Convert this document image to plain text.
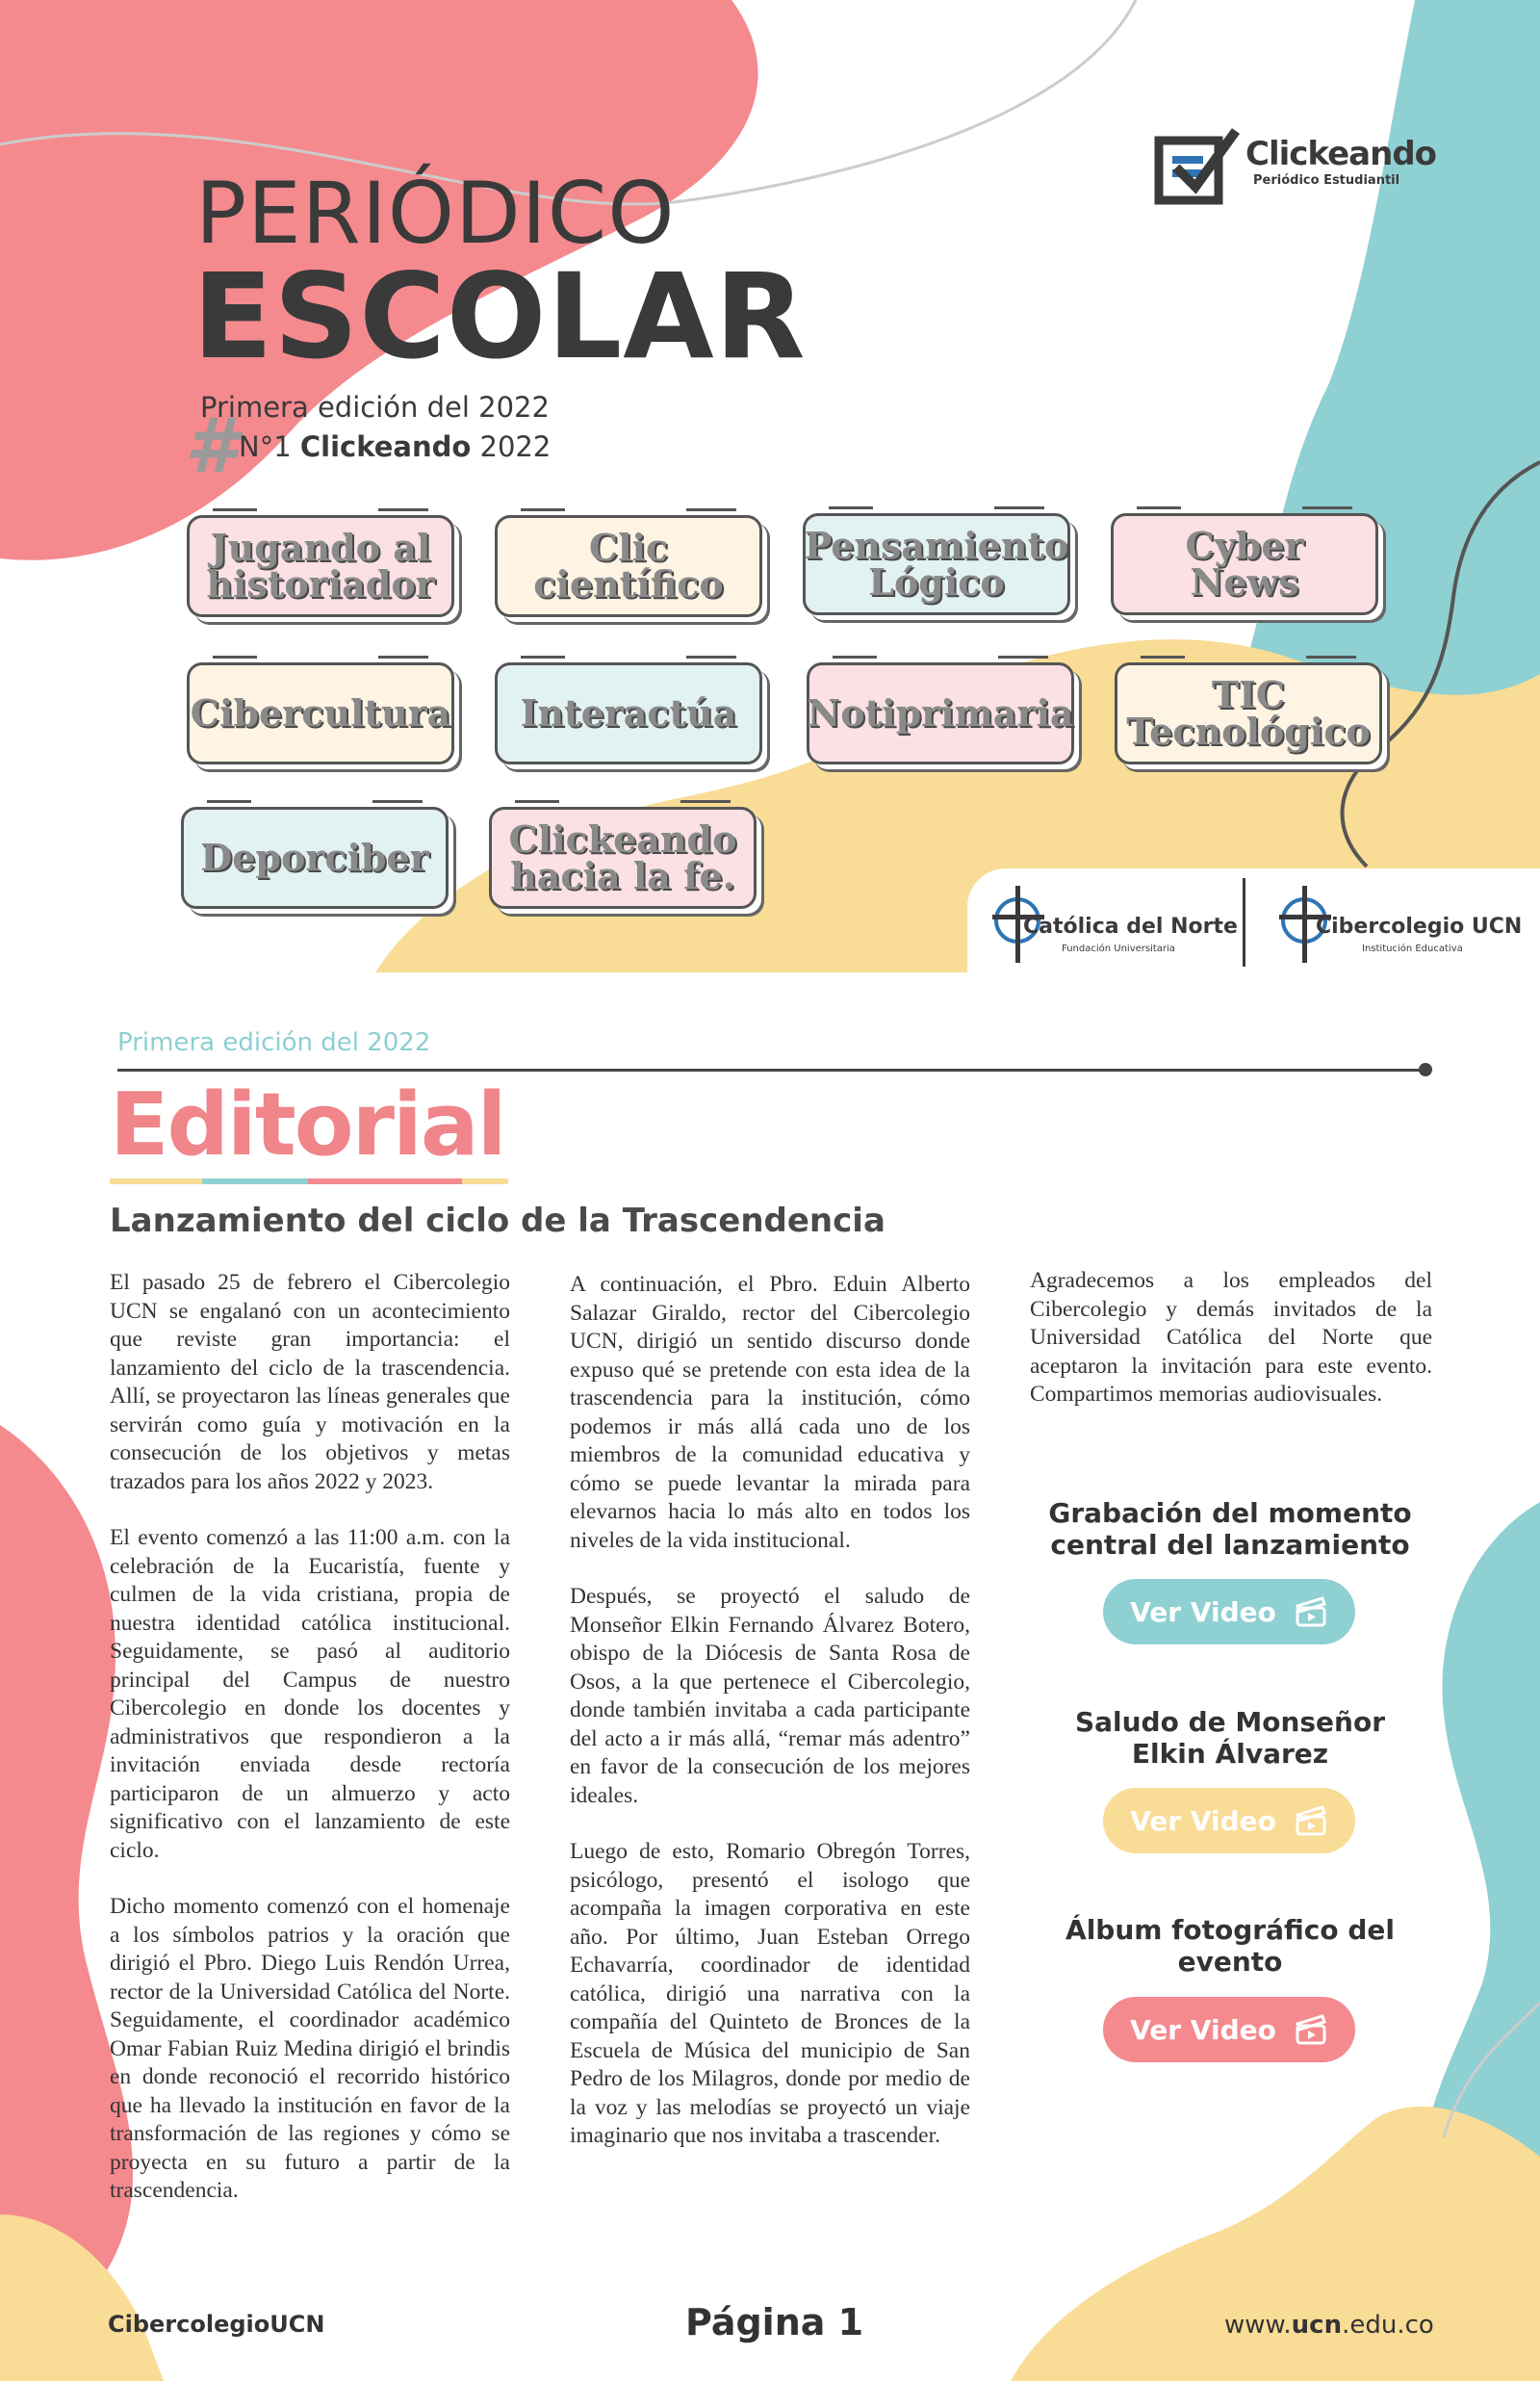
PERIÓDICO
ESCOLAR
Primera edición del 2022
# N°1 Clickeando 2022
Clickeando
Periódico Estudiantil
Jugando al
historiador
Clic
científico
Pensamiento
Lógico
Cyber
News
Cibercultura Interactúa Notiprimaria	TIC
Tecnológico
Deporciber Clickeando
hacia la fe.
Católica del Norte
Fundación Universitaria
Cibercolegio UCN
Institución Educativa
Primera edición del 2022
Editorial
Lanzamiento del ciclo de la Trascendencia

El pasado 25 de febrero el Cibercolegio UCN se engalanó con un acontecimiento que reviste gran importancia: el lanzamiento del ciclo de la trascendencia. Allí, se proyectaron las líneas generales que servirán como guía y motivación en la consecución de los objetivos y metas trazados para los años 2022 y 2023.

El evento comenzó a las 11:00 a.m. con la celebración de la Eucaristía, fuente y culmen de la vida cristiana, propia de nuestra identidad católica institucional. Seguidamente, se pasó al auditorio principal del Campus de nuestro Cibercolegio en donde los docentes y administrativos que respondieron a la invitación enviada desde rectoría participaron de un almuerzo y acto significativo con el lanzamiento de este ciclo.

Dicho momento comenzó con el homenaje a los símbolos patrios y la oración que dirigió el Pbro. Diego Luis Rendón Urrea, rector de la Universidad Católica del Norte. Seguidamente, el coordinador académico Omar Fabian Ruiz Medina dirigió el brindis en donde reconoció el recorrido histórico que ha llevado la institución en favor de la transformación de las regiones y cómo se proyecta en su futuro a partir de la trascendencia.

A continuación, el Pbro. Eduin Alberto Salazar Giraldo, rector del Cibercolegio UCN, dirigió un sentido discurso donde expuso qué se pretende con esta idea de la trascendencia para la institución, cómo podemos ir más allá cada uno de los miembros de la comunidad educativa y cómo se puede levantar la mirada para elevarnos hacia lo más alto en todos los niveles de la vida institucional.

Después, se proyectó el saludo de Monseñor Elkin Fernando Álvarez Botero, obispo de la Diócesis de Santa Rosa de Osos, a la que pertenece el Cibercolegio, donde también invitaba a cada participante del acto a ir más allá, “remar más adentro” en favor de la consecución de los mejores ideales.

Luego de esto, Romario Obregón Torres, psicólogo, presentó el isologo que acompaña la imagen corporativa en este año. Por último, Juan Esteban Orrego Echavarría, coordinador de identidad católica, dirigió una narrativa con la compañía del Quinteto de Bronces de la Escuela de Música del municipio de San Pedro de los Milagros, donde por medio de la voz y las melodías se proyectó un viaje imaginario que nos invitaba a trascender.

Agradecemos a los empleados del Cibercolegio y demás invitados de la Universidad Católica del Norte que aceptaron la invitación para este evento. Compartimos memorias audiovisuales.

Grabación del momento
central del lanzamiento
Ver Video
Saludo de Monseñor
Elkin Álvarez
Ver Video
Álbum fotográfico del
evento
Ver Video
CibercolegioUCN	Página 1	www.ucn.edu.co
